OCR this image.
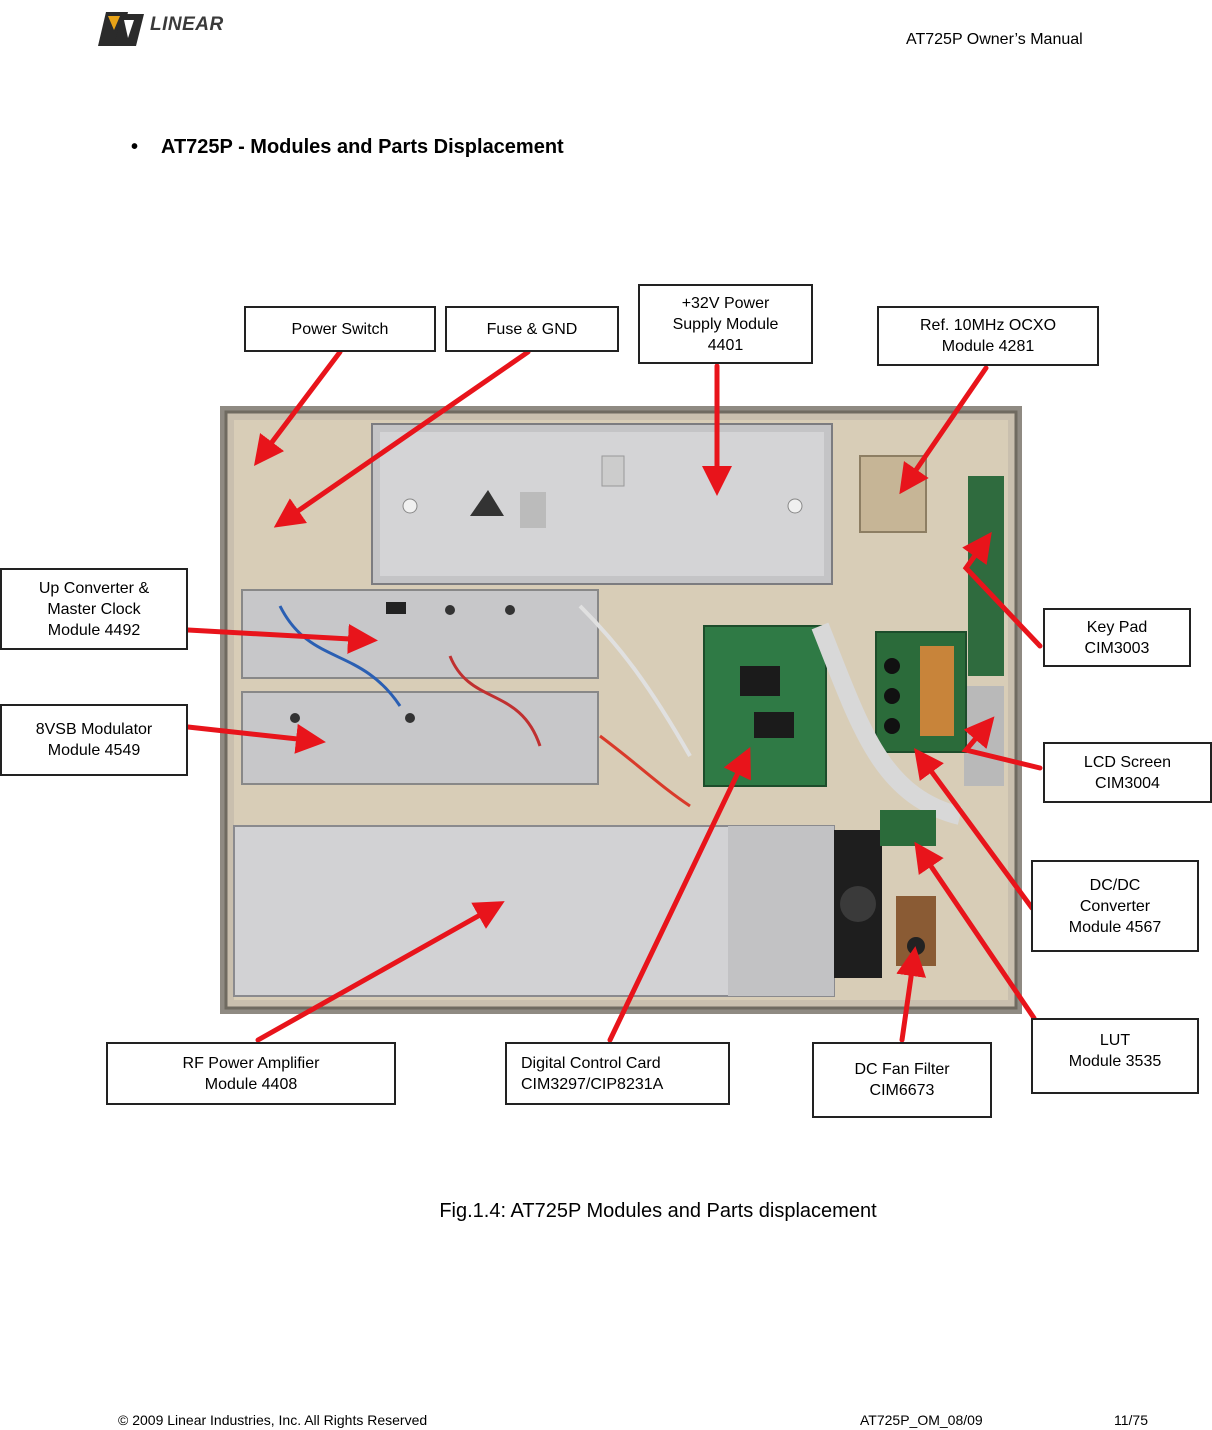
LINEAR
AT725P Owner’s Manual
• AT725P - Modules and Parts Displacement
Power Switch	Fuse & GND
+32V Power
Supply Module
4401
Ref. 10MHz OCXO
Module 4281
Up Converter &
Master Clock
Module 4492
8VSB Modulator
Module 4549
Key Pad
CIM3003
LCD Screen
CIM3004
DC/DC
Converter
Module 4567
LUT
Module 3535
RF Power Amplifier
Module 4408
Digital Control Card
CIM3297/CIP8231A
DC Fan Filter
CIM6673
Fig.1.4: AT725P Modules and Parts displacement
© 2009 Linear Industries, Inc. All Rights Reserved	AT725P_OM_08/09	11/75
